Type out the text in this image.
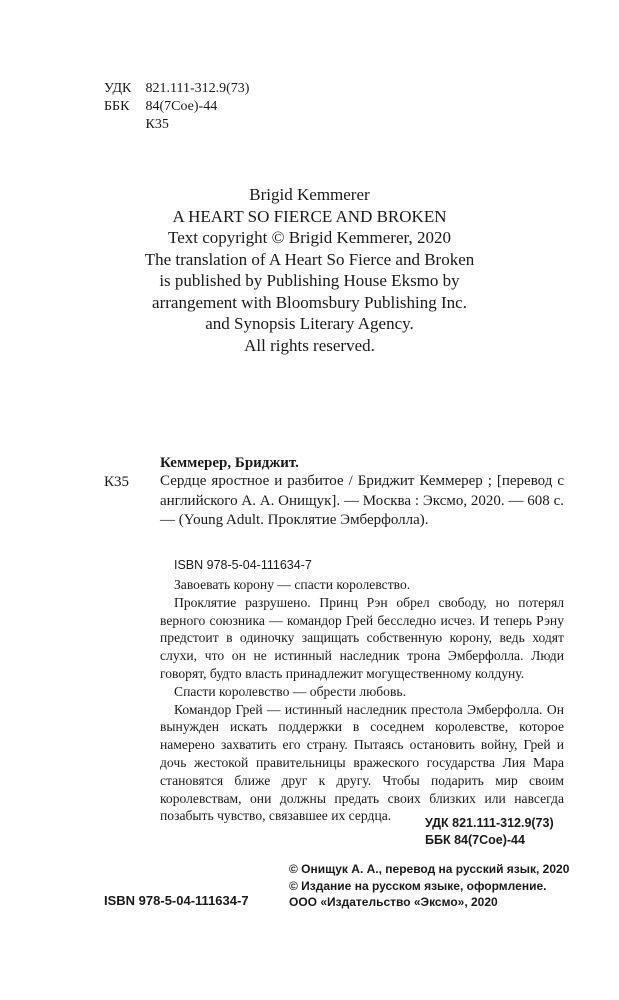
УДК 821.111-312.9(73)
ББК 84(7Сое)-44
К35
Brigid Kemmerer
A HEART SO FIERCE AND BROKEN
Text copyright © Brigid Kemmerer, 2020
The translation of A Heart So Fierce and Broken
is published by Publishing House Eksmo by
arrangement with Bloomsbury Publishing Inc.
and Synopsis Literary Agency.
All rights reserved.
Кеммерер, Бриджит.
К35 Сердце яростное и разбитое / Бриджит Кеммерер ; [перевод с английского А. А. Онищук]. — Москва : Эксмо, 2020. — 608 с. — (Young Adult. Проклятие Эмберфолла).
ISBN 978-5-04-111634-7

Завоевать корону — спасти королевство.

Проклятие разрушено. Принц Рэн обрел свободу, но потерял верного союзника — командор Грей бесследно исчез. И теперь Рэну предстоит в одиночку защищать собственную корону, ведь ходят слухи, что он не истинный наследник трона Эмберфолла. Люди говорят, будто власть принадлежит могущественному колдуну.

Спасти королевство — обрести любовь.

Командор Грей — истинный наследник престола Эмберфолла. Он вынужден искать поддержки в соседнем королевстве, которое намерено захватить его страну. Пытаясь остановить войну, Грей и дочь жестокой правительницы вражеского государства Лия Мара становятся ближе друг к другу. Чтобы подарить мир своим королевствам, они должны предать своих близких или навсегда позабыть чувство, связавшее их сердца.	УДК 821.111-312.9(73)
ББК 84(7Сое)-44
© Онищук А. А., перевод на русский язык, 2020
© Издание на русском языке, оформление.
ООО «Издательство «Эксмо», 2020
ISBN 978-5-04-111634-7
